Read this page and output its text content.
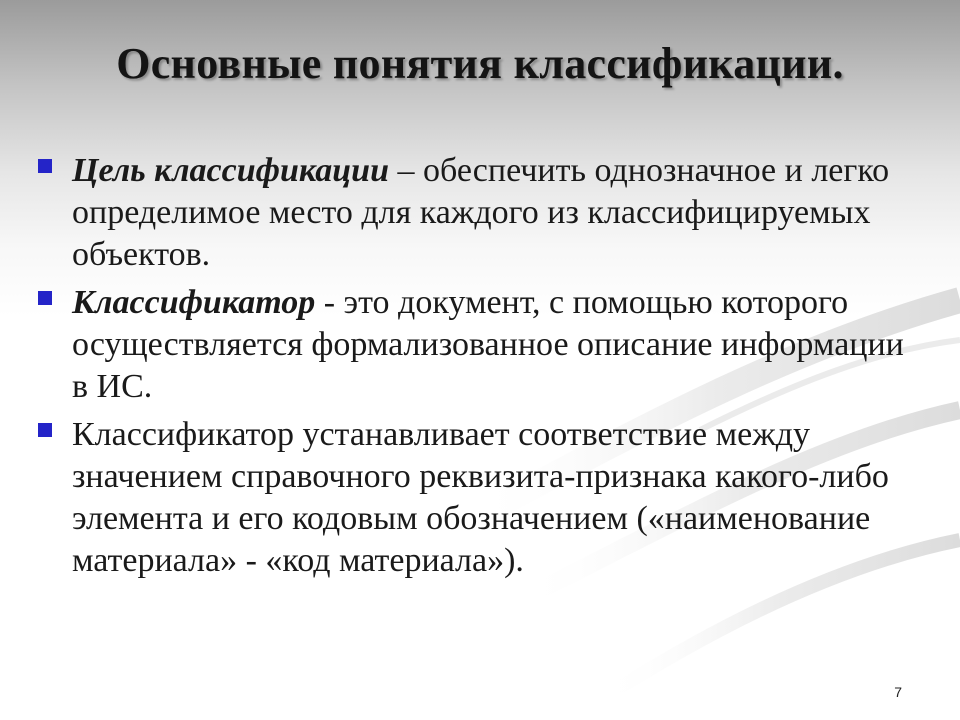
Основные понятия классификации.
Цель классификации – обеспечить однозначное и легко определимое место для каждого из классифицируемых объектов.
Классификатор - это документ, с помощью которого осуществляется формализованное описание информации в ИС.
Классификатор устанавливает соответствие между значением справочного реквизита-признака какого-либо элемента и его кодовым обозначением («наименование материала» - «код материала»).
7
